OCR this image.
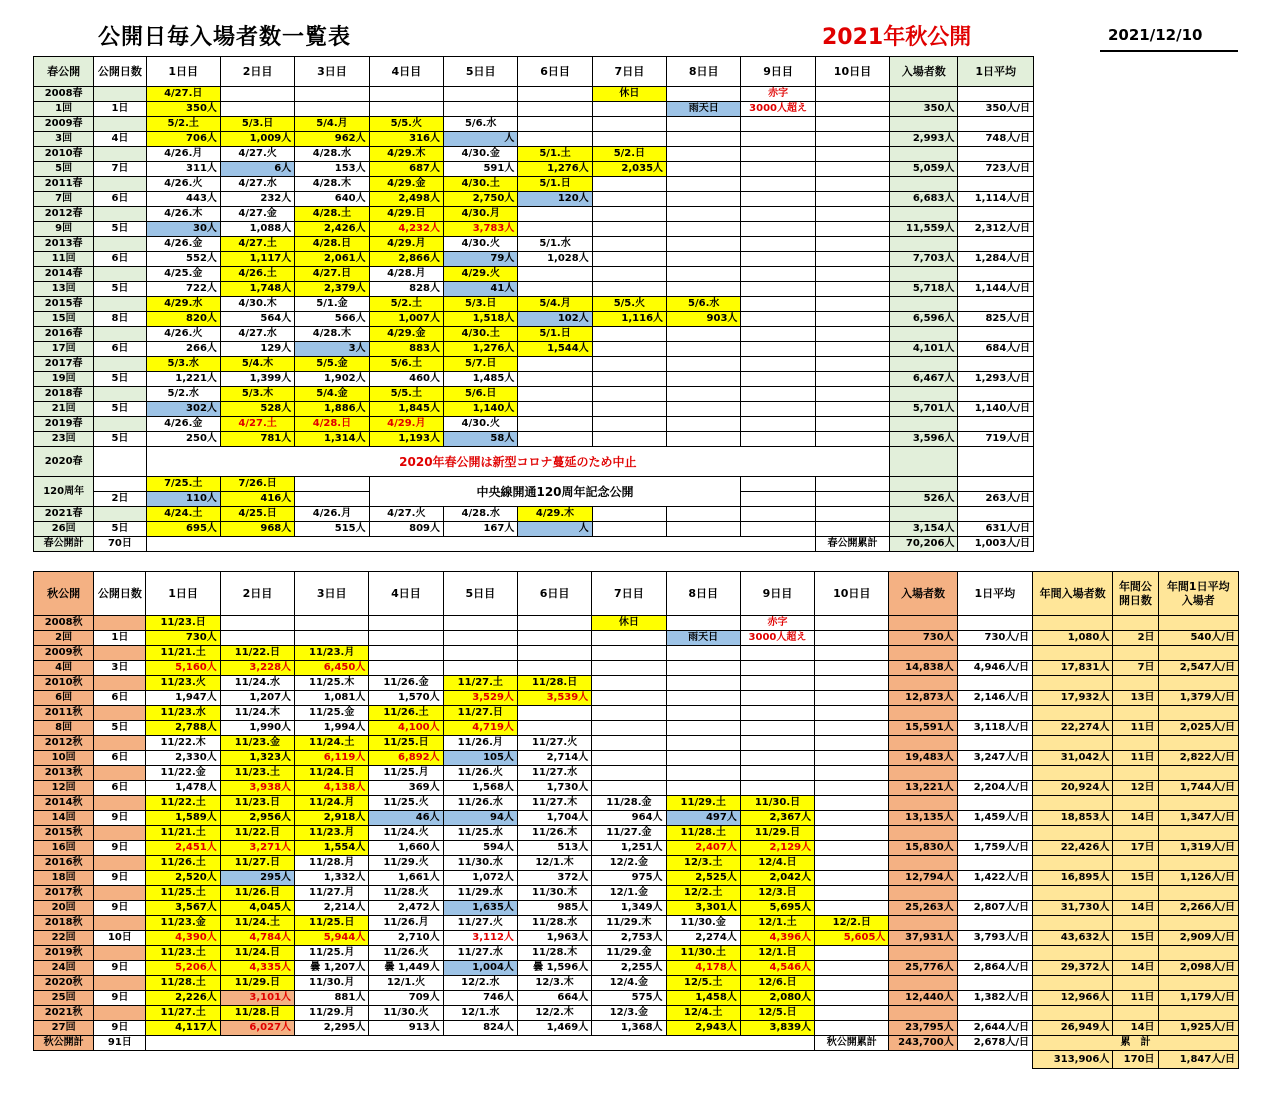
公開日毎入場者数一覧表	2021年秋公開	2021/12/10
春公開	公開日数	1日目	2日目	3日目	4日目	5日目	6日目	7日目	8日目	9日目	10日目	入場者数	1日平均
2008春		4/27.日						休日		赤字			
1回	1日	350人							雨天日	3000人超え		350人	350人/日
2009春		5/2.土	5/3.日	5/4.月	5/5.火	5/6.水							
3回	4日	706人	1,009人	962人	316人	人						2,993人	748人/日
2010春		4/26.月	4/27.火	4/28.水	4/29.木	4/30.金	5/1.土	5/2.日					
5回	7日	311人	6人	153人	687人	591人	1,276人	2,035人				5,059人	723人/日
2011春		4/26.火	4/27.水	4/28.木	4/29.金	4/30.土	5/1.日						
7回	6日	443人	232人	640人	2,498人	2,750人	120人					6,683人	1,114人/日
2012春		4/26.木	4/27.金	4/28.土	4/29.日	4/30.月							
9回	5日	30人	1,088人	2,426人	4,232人	3,783人						11,559人	2,312人/日
2013春		4/26.金	4/27.土	4/28.日	4/29.月	4/30.火	5/1.水						
11回	6日	552人	1,117人	2,061人	2,866人	79人	1,028人					7,703人	1,284人/日
2014春		4/25.金	4/26.土	4/27.日	4/28.月	4/29.火							
13回	5日	722人	1,748人	2,379人	828人	41人						5,718人	1,144人/日
2015春		4/29.水	4/30.木	5/1.金	5/2.土	5/3.日	5/4.月	5/5.火	5/6.水				
15回	8日	820人	564人	566人	1,007人	1,518人	102人	1,116人	903人			6,596人	825人/日
2016春		4/26.火	4/27.水	4/28.木	4/29.金	4/30.土	5/1.日						
17回	6日	266人	129人	3人	883人	1,276人	1,544人					4,101人	684人/日
2017春		5/3.水	5/4.木	5/5.金	5/6.土	5/7.日							
19回	5日	1,221人	1,399人	1,902人	460人	1,485人						6,467人	1,293人/日
2018春		5/2.水	5/3.木	5/4.金	5/5.土	5/6.日							
21回	5日	302人	528人	1,886人	1,845人	1,140人						5,701人	1,140人/日
2019春		4/26.金	4/27.土	4/28.日	4/29.月	4/30.火							
23回	5日	250人	781人	1,314人	1,193人	58人						3,596人	719人/日
2020春		2020年春公開は新型コロナ蔓延のため中止											
120周年		7/25.土	7/26.日		中央線開通120周年記念公開								
	2日	110人	416人									526人	263人/日
2021春		4/24.土	4/25.日	4/26.月	4/27.火	4/28.水	4/29.木						
26回	5日	695人	968人	515人	809人	167人	人					3,154人	631人/日
春公開計	70日										春公開累計	70,206人	1,003人/日
秋公開	公開日数	1日目	2日目	3日目	4日目	5日目	6日目	7日目	8日目	9日目	10日目	入場者数	1日平均	年間入場者数	年間公開日数	年間1日平均入場者
2008秋		11/23.日						休日		赤字						
2回	1日	730人							雨天日	3000人超え		730人	730人/日	1,080人	2日	540人/日
2009秋		11/21.土	11/22.日	11/23.月												
4回	3日	5,160人	3,228人	6,450人								14,838人	4,946人/日	17,831人	7日	2,547人/日
2010秋		11/23.火	11/24.水	11/25.木	11/26.金	11/27.土	11/28.日									
6回	6日	1,947人	1,207人	1,081人	1,570人	3,529人	3,539人					12,873人	2,146人/日	17,932人	13日	1,379人/日
2011秋		11/23.水	11/24.木	11/25.金	11/26.土	11/27.日										
8回	5日	2,788人	1,990人	1,994人	4,100人	4,719人						15,591人	3,118人/日	22,274人	11日	2,025人/日
2012秋		11/22.木	11/23.金	11/24.土	11/25.日	11/26.月	11/27.火									
10回	6日	2,330人	1,323人	6,119人	6,892人	105人	2,714人					19,483人	3,247人/日	31,042人	11日	2,822人/日
2013秋		11/22.金	11/23.土	11/24.日	11/25.月	11/26.火	11/27.水									
12回	6日	1,478人	3,938人	4,138人	369人	1,568人	1,730人					13,221人	2,204人/日	20,924人	12日	1,744人/日
2014秋		11/22.土	11/23.日	11/24.月	11/25.火	11/26.水	11/27.木	11/28.金	11/29.土	11/30.日						
14回	9日	1,589人	2,956人	2,918人	46人	94人	1,704人	964人	497人	2,367人		13,135人	1,459人/日	18,853人	14日	1,347人/日
2015秋		11/21.土	11/22.日	11/23.月	11/24.火	11/25.水	11/26.木	11/27.金	11/28.土	11/29.日						
16回	9日	2,451人	3,271人	1,554人	1,660人	594人	513人	1,251人	2,407人	2,129人		15,830人	1,759人/日	22,426人	17日	1,319人/日
2016秋		11/26.土	11/27.日	11/28.月	11/29.火	11/30.水	12/1.木	12/2.金	12/3.土	12/4.日						
18回	9日	2,520人	295人	1,332人	1,661人	1,072人	372人	975人	2,525人	2,042人		12,794人	1,422人/日	16,895人	15日	1,126人/日
2017秋		11/25.土	11/26.日	11/27.月	11/28.火	11/29.水	11/30.木	12/1.金	12/2.土	12/3.日						
20回	9日	3,567人	4,045人	2,214人	2,472人	1,635人	985人	1,349人	3,301人	5,695人		25,263人	2,807人/日	31,730人	14日	2,266人/日
2018秋		11/23.金	11/24.土	11/25.日	11/26.月	11/27.火	11/28.水	11/29.木	11/30.金	12/1.土	12/2.日					
22回	10日	4,390人	4,784人	5,944人	2,710人	3,112人	1,963人	2,753人	2,274人	4,396人	5,605人	37,931人	3,793人/日	43,632人	15日	2,909人/日
2019秋		11/23.土	11/24.日	11/25.月	11/26.火	11/27.水	11/28.木	11/29.金	11/30.土	12/1.日						
24回	9日	5,206人	4,335人	曇 1,207人	曇 1,449人	1,004人	曇 1,596人	2,255人	4,178人	4,546人		25,776人	2,864人/日	29,372人	14日	2,098人/日
2020秋		11/28.土	11/29.日	11/30.月	12/1.火	12/2.水	12/3.木	12/4.金	12/5.土	12/6.日						
25回	9日	2,226人	3,101人	881人	709人	746人	664人	575人	1,458人	2,080人		12,440人	1,382人/日	12,966人	11日	1,179人/日
2021秋		11/27.土	11/28.日	11/29.月	11/30.火	12/1.水	12/2.木	12/3.金	12/4.土	12/5.日						
27回	9日	4,117人	6,027人	2,295人	913人	824人	1,469人	1,368人	2,943人	3,839人		23,795人	2,644人/日	26,949人	14日	1,925人/日
秋公開計	91日										秋公開累計	243,700人	2,678人/日	累　計		
														313,906人	170日	1,847人/日
